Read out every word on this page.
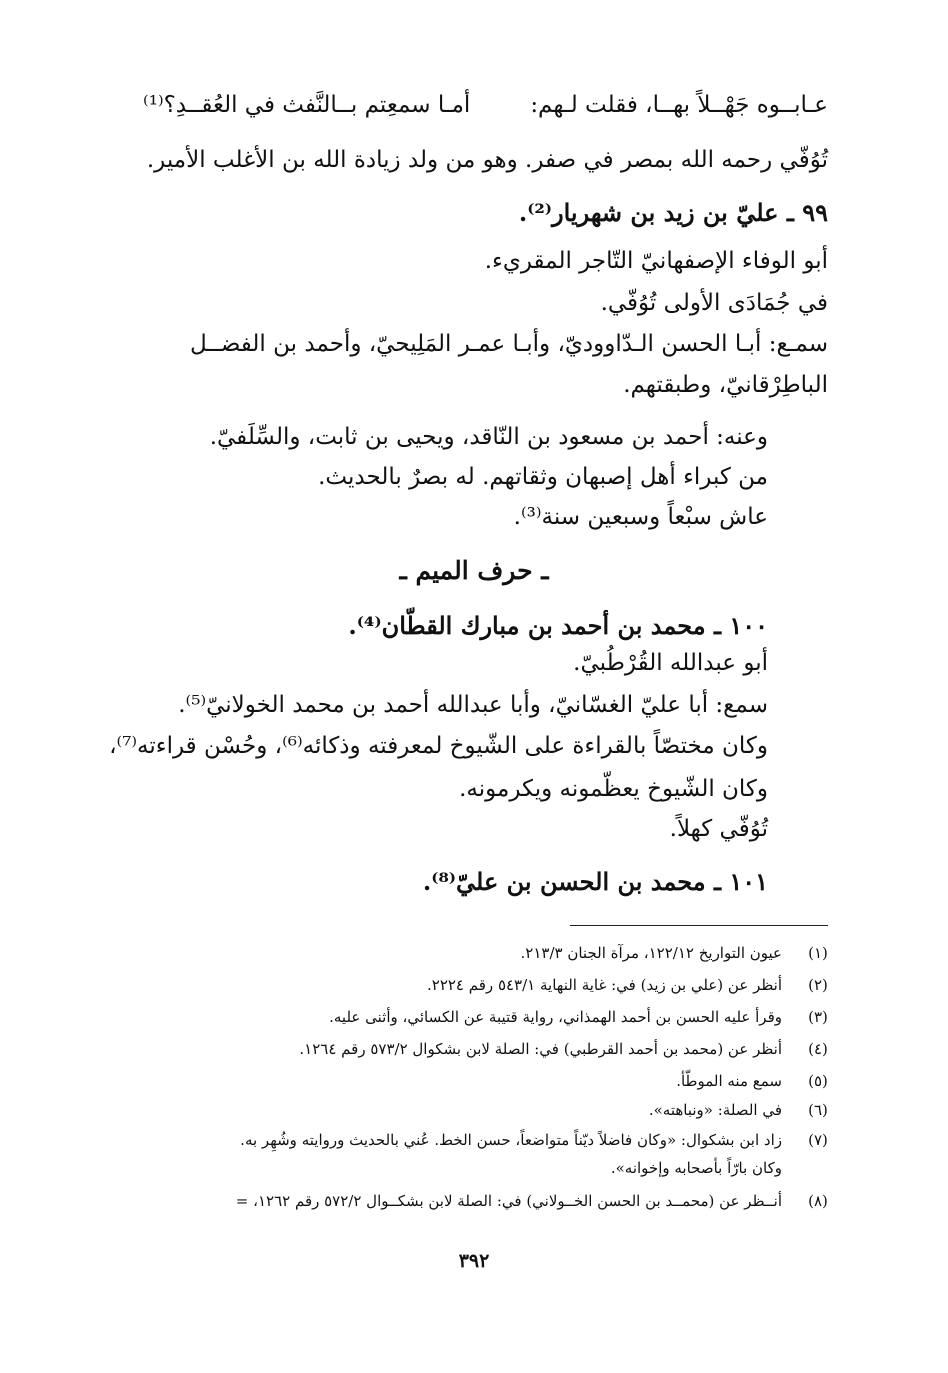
عـابــوه جَهْــلاً بهــا، فقلت لـهم:أمـا سمعِتم بــالنَّفث في العُقــدِ؟⁽¹⁾
تُوُفّي رحمه الله بمصر في صفر. وهو من ولد زيادة الله بن الأغلب الأمير.
٩٩ ـ عليّ بن زيد بن شهريار⁽²⁾.
أبو الوفاء الإصفهانيّ التّاجر المقريء.
في جُمَادَى الأولى تُوُفّي.
سمـع: أبـا الحسن الـدّاووديّ، وأبـا عمـر المَلِيحيّ، وأحمد بن الفضــل
الباطِرْقانيّ، وطبقتهم.
وعنه: أحمد بن مسعود بن النّاقد، ويحيى بن ثابت، والسِّلَفيّ.
من كبراء أهل إصبهان وثقاتهم. له بصرٌ بالحديث.
عاش سبْعاً وسبعين سنة⁽³⁾.
ـ حرف الميم ـ
١٠٠ ـ محمد بن أحمد بن مبارك القطّان⁽⁴⁾.
أبو عبدالله القُرْطُبيّ.
سمع: أبا عليّ الغسّانيّ، وأبا عبدالله أحمد بن محمد الخولانيّ⁽⁵⁾.
وكان مختصّاً بالقراءة على الشّيوخ لمعرفته وذكائه⁽⁶⁾، وحُسْن قراءته⁽⁷⁾،
وكان الشّيوخ يعظّمونه ويكرمونه.
تُوُفّي كهلاً.
١٠١ ـ محمد بن الحسن بن عليّ⁽⁸⁾.
(١)
عيون التواريخ ١٢٢/١٢، مرآة الجنان ٢١٣/٣.
(٢)
أنظر عن (علي بن زيد) في: غاية النهاية ٥٤٣/١ رقم ٢٢٢٤.
(٣)
وقرأ عليه الحسن بن أحمد الهمذاني، رواية قتيبة عن الكسائي، وأثنى عليه.
(٤)
أنظر عن (محمد بن أحمد القرطبي) في: الصلة لابن بشكوال ٥٧٣/٢ رقم ١٢٦٤.
(٥)
سمع منه الموطّأ.
(٦)
في الصلة: «ونباهته».
(٧)
زاد ابن بشكوال: «وكان فاضلاً ديّناً متواضعاً، حسن الخط. عُني بالحديث وروايته وشُهِر به.
وكان بارّاً بأصحابه وإخوانه».
(٨)
أنــظر عن (محمــد بن الحسن الخــولاني) في: الصلة لابن بشكــوال ٥٧٢/٢ رقم ١٢٦٢، =
٣٩٢
